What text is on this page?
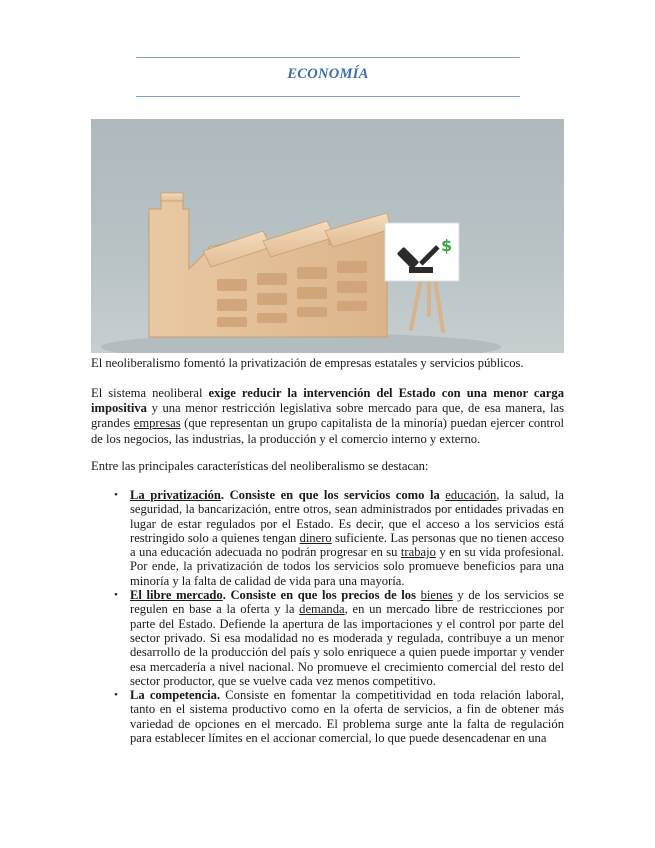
ECONOMÍA
$
El neoliberalismo fomentó la privatización de empresas estatales y servicios públicos.

El sistema neoliberal exige reducir la intervención del Estado con una menor carga impositiva y una menor restricción legislativa sobre mercado para que, de esa manera, las grandes empresas (que representan un grupo capitalista de la minoría) puedan ejercer control de los negocios, las industrias, la producción y el comercio interno y externo.

Entre las principales características del neoliberalismo se destacan:
• La privatización. Consiste en que los servicios como la educación, la salud, la seguridad, la bancarización, entre otros, sean administrados por entidades privadas en lugar de estar regulados por el Estado. Es decir, que el acceso a los servicios está restringido solo a quienes tengan dinero suficiente. Las personas que no tienen acceso a una educación adecuada no podrán progresar en su trabajo y en su vida profesional. Por ende, la privatización de todos los servicios solo promueve beneficios para una minoría y la falta de calidad de vida para una mayoría.
• El libre mercado. Consiste en que los precios de los bienes y de los servicios se regulen en base a la oferta y la demanda, en un mercado libre de restricciones por parte del Estado. Defiende la apertura de las importaciones y el control por parte del sector privado. Si esa modalidad no es moderada y regulada, contribuye a un menor desarrollo de la producción del país y solo enriquece a quien puede importar y vender esa mercadería a nivel nacional. No promueve el crecimiento comercial del resto del sector productor, que se vuelve cada vez menos competitivo.
• La competencia. Consiste en fomentar la competitividad en toda relación laboral, tanto en el sistema productivo como en la oferta de servicios, a fin de obtener más variedad de opciones en el mercado. El problema surge ante la falta de regulación para establecer límites en el accionar comercial, lo que puede desencadenar en una
